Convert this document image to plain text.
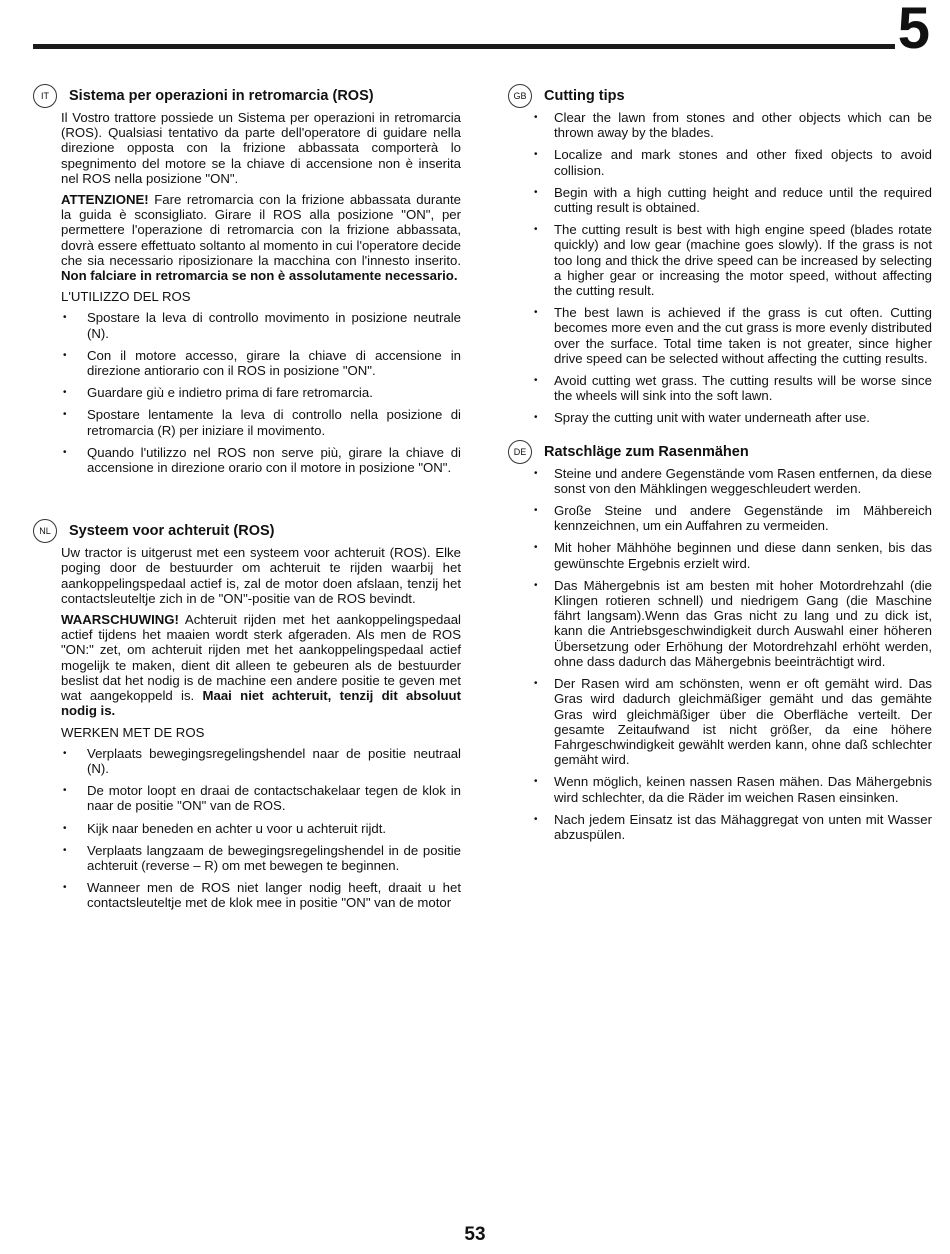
5
IT	Sistema per operazioni in retromarcia (ROS)

Il Vostro trattore possiede un Sistema per operazioni in retromarcia (ROS). Qualsiasi tentativo da parte dell'operatore di guidare nella direzione opposta con la frizione abbassata comporterà lo spegnimento del motore se la chiave di accensione non è inserita nel ROS nella posizione "ON".

ATTENZIONE! Fare retromarcia con la frizione abbassata durante la guida è sconsigliato. Girare il ROS alla posizione "ON", per permettere l'operazione di retromarcia con la frizione abbassata, dovrà essere effettuato soltanto al momento in cui l'operatore decide che sia necessario riposizionare la macchina con l'innesto inserito. Non falciare in retromarcia se non è assolutamente necessario.

L'UTILIZZO DEL ROS
• Spostare la leva di controllo movimento in posizione neutrale (N).
• Con il motore accesso, girare la chiave di accensione in direzione antiorario con il ROS in posizione "ON".
• Guardare giù e indietro prima di fare retromarcia.
• Spostare lentamente la leva di controllo nella posizione di retromarcia (R) per iniziare il movimento.
• Quando l'utilizzo nel ROS non serve più, girare la chiave di accensione in direzione orario con il motore in posizione "ON".
NL	Systeem voor achteruit (ROS)

Uw tractor is uitgerust met een systeem voor achteruit (ROS). Elke poging door de bestuurder om achteruit te rijden waarbij het aankoppelingspedaal actief is, zal de motor doen afslaan, tenzij het contactsleuteltje zich in de "ON"-positie van de ROS bevindt.

WAARSCHUWING! Achteruit rijden met het aankoppelingspedaal actief tijdens het maaien wordt sterk afgeraden. Als men de ROS "ON:" zet, om achteruit rijden met het aankoppelingspedaal actief mogelijk te maken, dient dit alleen te gebeuren als de bestuurder beslist dat het nodig is de machine een andere positie te geven met wat aangekoppeld is. Maai niet achteruit, tenzij dit absoluut nodig is.

WERKEN MET DE ROS
• Verplaats bewegingsregelingshendel naar de positie neutraal (N).
• De motor loopt en draai de contactschakelaar tegen de klok in naar de positie "ON" van de ROS.
• Kijk naar beneden en achter u voor u achteruit rijdt.
• Verplaats langzaam de bewegingsregelingshendel in de positie achteruit (reverse – R) om met bewegen te beginnen.
• Wanneer men de ROS niet langer nodig heeft, draait u het contactsleuteltje met de klok mee in positie "ON" van de motor
GB	Cutting tips
• Clear the lawn from stones and other objects which can be thrown away by the blades.
• Localize and mark stones and other fixed objects to avoid collision.
• Begin with a high cutting height and reduce until the required cutting result is obtained.
• The cutting result is best with high engine speed (blades rotate quickly) and low gear (machine goes slowly). If the grass is not too long and thick the drive speed can be increased by selecting a higher gear or increasing the motor speed, without affecting the cutting result.
• The best lawn is achieved if the grass is cut often. Cutting becomes more even and the cut grass is more evenly distributed over the surface. Total time taken is not greater, since higher drive speed can be selected without affecting the cutting results.
• Avoid cutting wet grass. The cutting results will be worse since the wheels will sink into the soft lawn.
• Spray the cutting unit with water underneath after use.
DE	Ratschläge zum Rasenmähen
• Steine und andere Gegenstände vom Rasen entfernen, da diese sonst von den Mähklingen weggeschleudert werden.
• Große Steine und andere Gegenstände im Mähbereich kennzeichnen, um ein Auffahren zu vermeiden.
• Mit hoher Mähhöhe beginnen und diese dann senken, bis das gewünschte Ergebnis erzielt wird.
• Das Mähergebnis ist am besten mit hoher Motordrehzahl (die Klingen rotieren schnell) und niedrigem Gang (die Maschine fährt langsam).Wenn das Gras nicht zu lang und zu dick ist, kann die Antriebsgeschwindigkeit durch Auswahl einer höheren Übersetzung oder Erhöhung der Motordrehzahl erhöht werden, ohne dass dadurch das Mähergebnis beeinträchtigt wird.
• Der Rasen wird am schönsten, wenn er oft gemäht wird. Das Gras wird dadurch gleichmäßiger gemäht und das gemähte Gras wird gleichmäßiger über die Oberfläche verteilt. Der gesamte Zeitaufwand ist nicht größer, da eine höhere Fahrgeschwindigkeit gewählt werden kann, ohne daß schlechter gemäht wird.
• Wenn möglich, keinen nassen Rasen mähen. Das Mähergebnis wird schlechter, da die Räder im weichen Rasen einsinken.
• Nach jedem Einsatz ist das Mähaggregat von unten mit Wasser abzuspülen.
53
